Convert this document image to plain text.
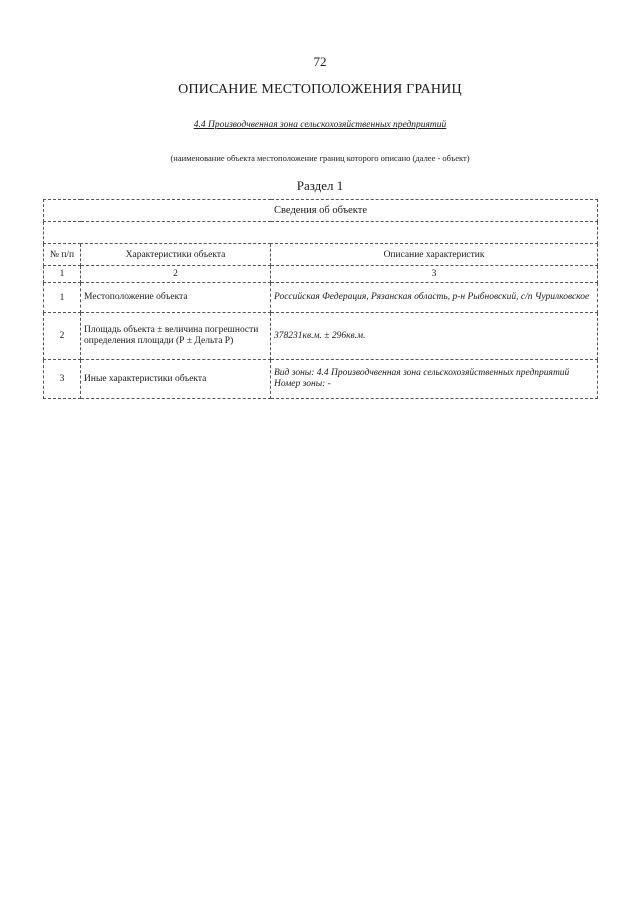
72
ОПИСАНИЕ МЕСТОПОЛОЖЕНИЯ ГРАНИЦ
4.4 Производчвенная зона сельскохозяйственных предприятий
(наименование объекта местоположение границ которого описано (далее - объект)
Раздел 1
Сведения об объекте		

№ п/п	Характеристики объекта	Описание характеристик
1	2	3
1	Местоположение объекта	Российская Федерация, Рязанская область, р-н Рыбновский, с/п Чурилковское
2	Площадь объекта ± величина погрешности определения площади (Р ± Дельта Р)	378231кв.м. ± 296кв.м.
3	Иные характеристики объекта	Вид зоны: 4.4 Производчвенная зона сельскохозяйственных предприятий
Номер зоны: -
